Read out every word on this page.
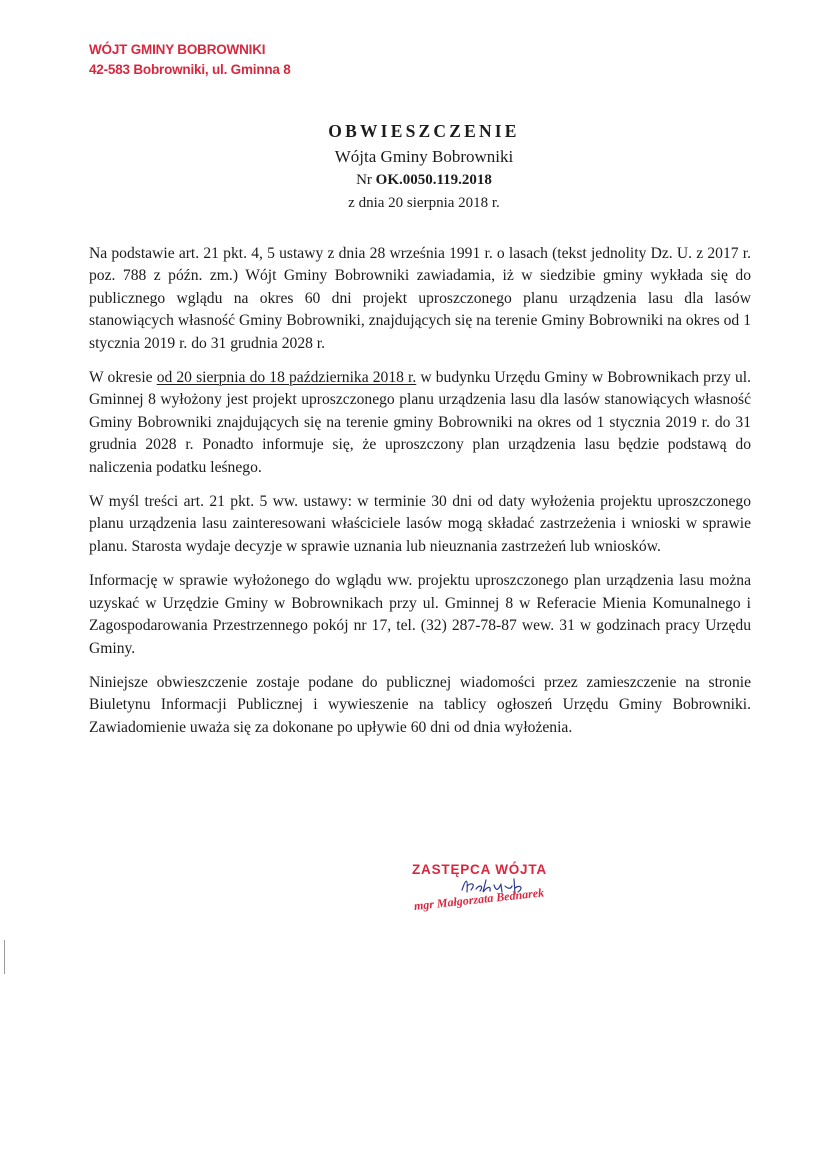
WÓJT GMINY BOBROWNIKI
42-583 Bobrowniki, ul. Gminna 8
OBWIESZCZENIE
Wójta Gminy Bobrowniki
Nr OK.0050.119.2018
z dnia 20 sierpnia 2018 r.

Na podstawie art. 21 pkt. 4, 5 ustawy z dnia 28 września 1991 r. o lasach (tekst jednolity Dz. U. z 2017 r. poz. 788 z późn. zm.) Wójt Gminy Bobrowniki zawiadamia, iż w siedzibie gminy wykłada się do publicznego wglądu na okres 60 dni projekt uproszczonego planu urządzenia lasu dla lasów stanowiących własność Gminy Bobrowniki, znajdujących się na terenie Gminy Bobrowniki na okres od 1 stycznia 2019 r. do 31 grudnia 2028 r.

W okresie od 20 sierpnia do 18 października 2018 r. w budynku Urzędu Gminy w Bobrownikach przy ul. Gminnej 8 wyłożony jest projekt uproszczonego planu urządzenia lasu dla lasów stanowiących własność Gminy Bobrowniki znajdujących się na terenie gminy Bobrowniki na okres od 1 stycznia 2019 r. do 31 grudnia 2028 r. Ponadto informuje się, że uproszczony plan urządzenia lasu będzie podstawą do naliczenia podatku leśnego.

W myśl treści art. 21 pkt. 5 ww. ustawy: w terminie 30 dni od daty wyłożenia projektu uproszczonego planu urządzenia lasu zainteresowani właściciele lasów mogą składać zastrzeżenia i wnioski w sprawie planu. Starosta wydaje decyzje w sprawie uznania lub nieuznania zastrzeżeń lub wniosków.

Informację w sprawie wyłożonego do wglądu ww. projektu uproszczonego plan urządzenia lasu można uzyskać w Urzędzie Gminy w Bobrownikach przy ul. Gminnej 8 w Referacie Mienia Komunalnego i Zagospodarowania Przestrzennego pokój nr 17, tel. (32) 287-78-87 wew. 31 w godzinach pracy Urzędu Gminy.

Niniejsze obwieszczenie zostaje podane do publicznej wiadomości przez zamieszczenie na stronie Biuletynu Informacji Publicznej i wywieszenie na tablicy ogłoszeń Urzędu Gminy Bobrowniki. Zawiadomienie uważa się za dokonane po upływie 60 dni od dnia wyłożenia.

ZASTĘPCA WÓJTA
mgr Małgorzata Bednarek
